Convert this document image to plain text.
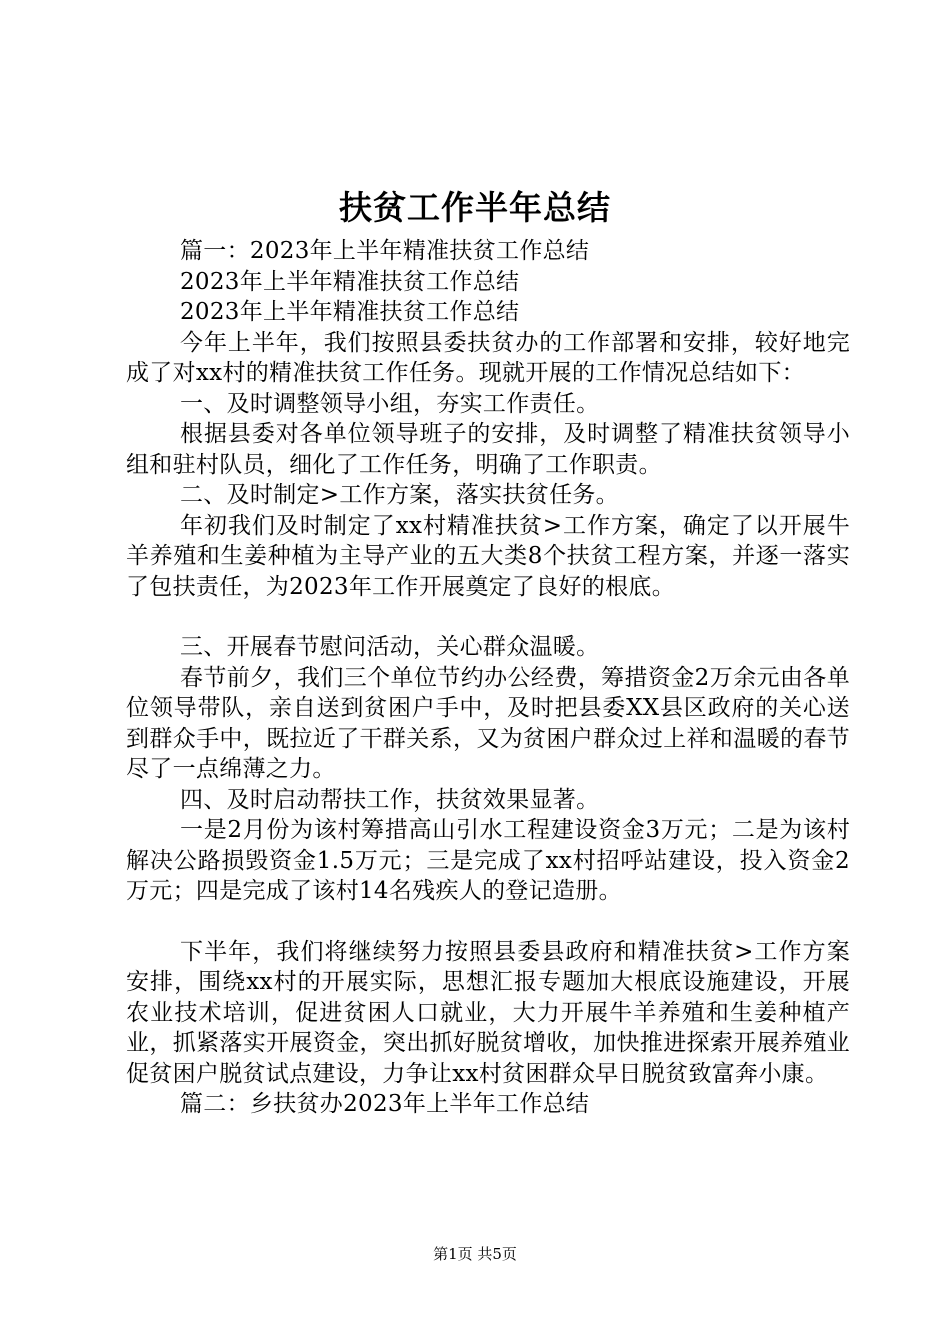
扶贫工作半年总结

篇一：2023年上半年精准扶贫工作总结

2023年上半年精准扶贫工作总结

2023年上半年精准扶贫工作总结

今年上半年，我们按照县委扶贫办的工作部署和安排，较好地完成了对xx村的精准扶贫工作任务。现就开展的工作情况总结如下：

一、及时调整领导小组，夯实工作责任。

根据县委对各单位领导班子的安排，及时调整了精准扶贫领导小组和驻村队员，细化了工作任务，明确了工作职责。

二、及时制定>工作方案，落实扶贫任务。

年初我们及时制定了xx村精准扶贫>工作方案，确定了以开展牛羊养殖和生姜种植为主导产业的五大类8个扶贫工程方案，并逐一落实了包扶责任，为2023年工作开展奠定了良好的根底。

三、开展春节慰问活动，关心群众温暖。

春节前夕，我们三个单位节约办公经费，筹措资金2万余元由各单位领导带队，亲自送到贫困户手中，及时把县委XX县区政府的关心送到群众手中，既拉近了干群关系，又为贫困户群众过上祥和温暖的春节尽了一点绵薄之力。

四、及时启动帮扶工作，扶贫效果显著。

一是2月份为该村筹措高山引水工程建设资金3万元；二是为该村解决公路损毁资金1.5万元；三是完成了xx村招呼站建设，投入资金2万元；四是完成了该村14名残疾人的登记造册。

下半年，我们将继续努力按照县委县政府和精准扶贫>工作方案安排，围绕xx村的开展实际，思想汇报专题加大根底设施建设，开展农业技术培训，促进贫困人口就业，大力开展牛羊养殖和生姜种植产业，抓紧落实开展资金，突出抓好脱贫增收，加快推进探索开展养殖业促贫困户脱贫试点建设，力争让xx村贫困群众早日脱贫致富奔小康。

篇二：乡扶贫办2023年上半年工作总结

第1页 共5页
